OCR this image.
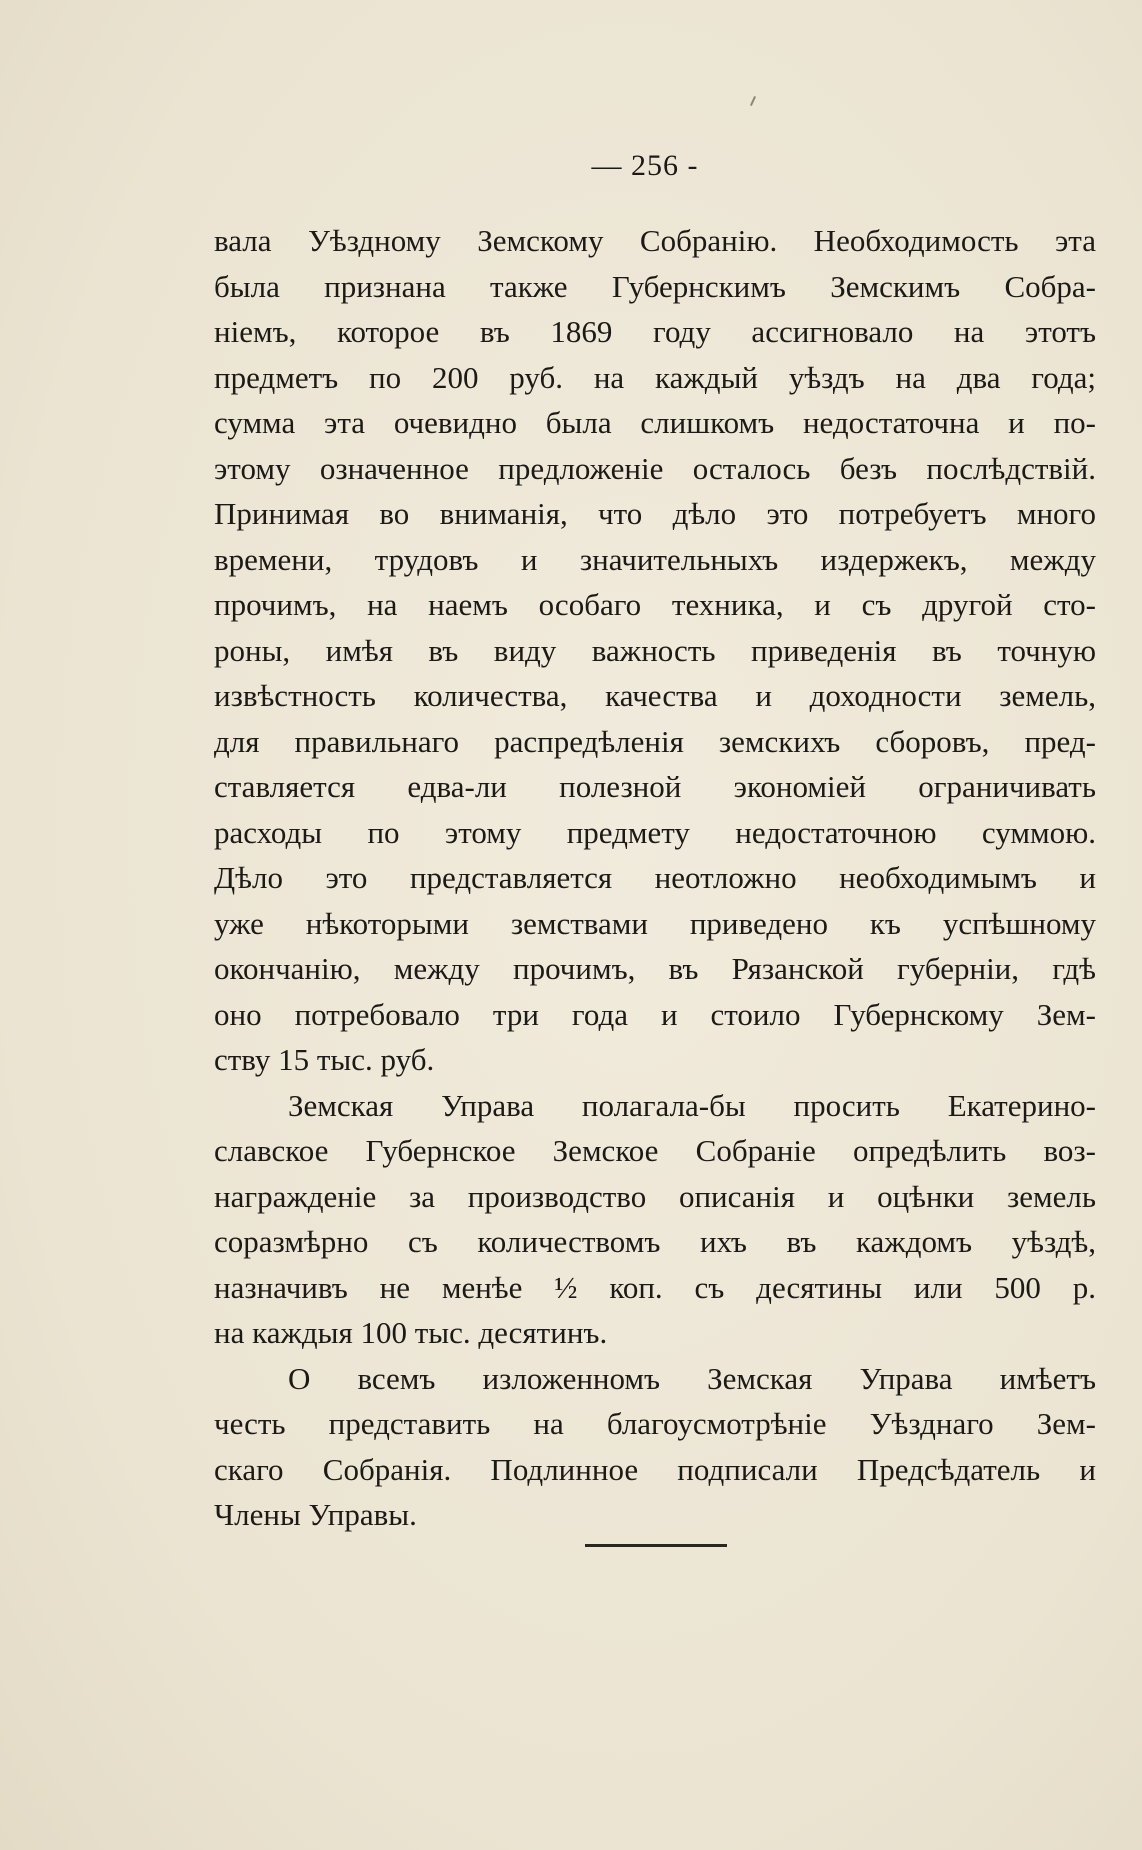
— 256 -
вала Уѣздному Земскому Собранiю. Необходимость эта
была признана также Губернскимъ Земскимъ Собра-
нiемъ, которое въ 1869 году ассигновало на этотъ
предметъ по 200 руб. на каждый уѣздъ на два года;
сумма эта очевидно была слишкомъ недостаточна и по-
этому означенное предложенiе осталось безъ послѣдствiй.
Принимая во вниманiя, что дѣло это потребуетъ много
времени, трудовъ и значительныхъ издержекъ, между
прочимъ, на наемъ особаго техника, и съ другой сто-
роны, имѣя въ виду важность приведенiя въ точную
извѣстность количества, качества и доходности земель,
для правильнаго распредѣленiя земскихъ сборовъ, пред-
ставляется едва-ли полезной экономiей ограничивать
расходы по этому предмету недостаточною суммою.
Дѣло это представляется неотложно необходимымъ и
уже нѣкоторыми земствами приведено къ успѣшному
окончанiю, между прочимъ, въ Рязанской губернiи, гдѣ
оно потребовало три года и стоило Губернскому Зем-
ству 15 тыс. руб.
Земская Управа полагала-бы просить Екатерино-
славское Губернское Земское Собранiе опредѣлить воз-
награжденiе за производство описанiя и оцѣнки земель
соразмѣрно съ количествомъ ихъ въ каждомъ уѣздѣ,
назначивъ не менѣе ½ коп. съ десятины или 500 р.
на каждыя 100 тыс. десятинъ.
О всемъ изложенномъ Земская Управа имѣетъ
честь представить на благоусмотрѣнiе Уѣзднаго Зем-
скаго Собранiя. Подлинное подписали Предсѣдатель и
Члены Управы.
